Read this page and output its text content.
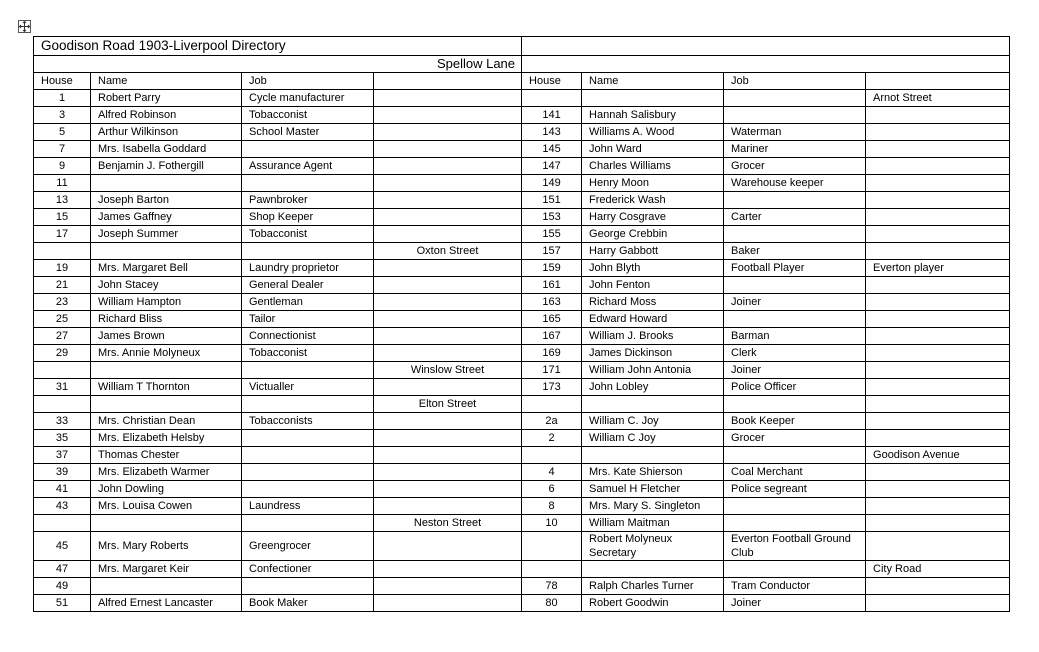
Goodison Road 1903-Liverpool Directory							
Spellow Lane							
House	Name	Job		House	Name	Job	
1	Robert Parry	Cycle manufacturer					Arnot Street
3	Alfred Robinson	Tobacconist		141	Hannah Salisbury		
5	Arthur Wilkinson	School Master		143	Williams A. Wood	Waterman	
7	Mrs. Isabella Goddard			145	John Ward	Mariner	
9	Benjamin J. Fothergill	Assurance Agent		147	Charles Williams	Grocer	
11				149	Henry Moon	Warehouse keeper	
13	Joseph Barton	Pawnbroker		151	Frederick Wash		
15	James Gaffney	Shop Keeper		153	Harry Cosgrave	Carter	
17	Joseph Summer	Tobacconist		155	George Crebbin		
			Oxton Street	157	Harry Gabbott	Baker	
19	Mrs. Margaret Bell	Laundry proprietor		159	John Blyth	Football Player	Everton player
21	John Stacey	General Dealer		161	John Fenton		
23	William Hampton	Gentleman		163	Richard Moss	Joiner	
25	Richard Bliss	Tailor		165	Edward Howard		
27	James Brown	Connectionist		167	William J. Brooks	Barman	
29	Mrs. Annie Molyneux	Tobacconist		169	James Dickinson	Clerk	
			Winslow Street	171	William John Antonia	Joiner	
31	William T Thornton	Victualler		173	John Lobley	Police Officer	
			Elton Street				
33	Mrs. Christian Dean	Tobacconists		2a	William C. Joy	Book Keeper	
35	Mrs. Elizabeth Helsby			2	William C Joy	Grocer	
37	Thomas Chester						Goodison Avenue
39	Mrs. Elizabeth Warmer			4	Mrs. Kate Shierson	Coal Merchant	
41	John Dowling			6	Samuel H Fletcher	Police segreant	
43	Mrs. Louisa Cowen	Laundress		8	Mrs. Mary S. Singleton		
			Neston Street	10	William Maitman		
45	Mrs. Mary Roberts	Greengrocer			Robert Molyneux Secretary	Everton Football Ground Club	
47	Mrs. Margaret Keir	Confectioner					City Road
49				78	Ralph Charles Turner	Tram Conductor	
51	Alfred Ernest Lancaster	Book Maker		80	Robert Goodwin	Joiner	
